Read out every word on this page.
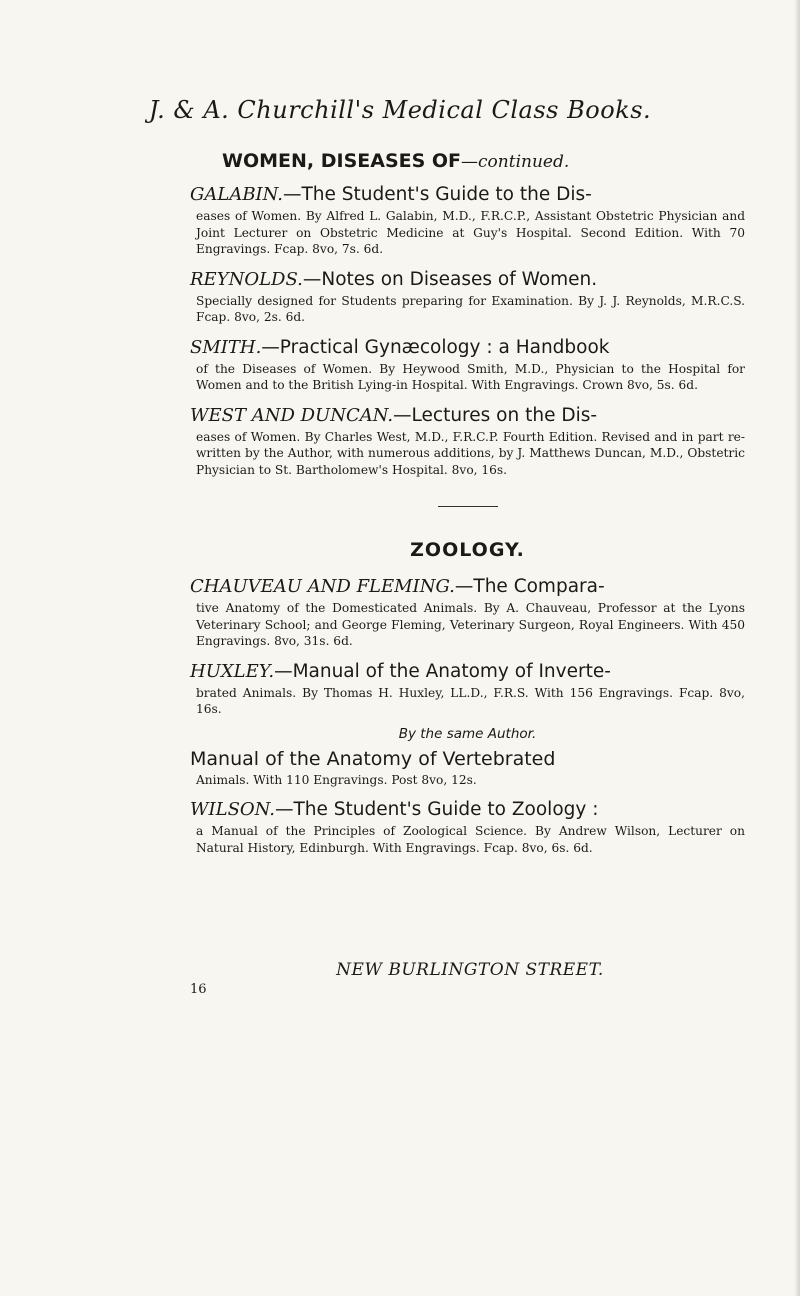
J. & A. Churchill's Medical Class Books.
WOMEN, DISEASES OF—continued.
GALABIN.—The Student's Guide to the Dis-
eases of Women. By Alfred L. Galabin, M.D., F.R.C.P., Assistant Obstetric Physician and Joint Lecturer on Obstetric Medicine at Guy's Hospital. Second Edition. With 70 Engravings. Fcap. 8vo, 7s. 6d.
REYNOLDS.—Notes on Diseases of Women.
Specially designed for Students preparing for Examination. By J. J. Reynolds, M.R.C.S. Fcap. 8vo, 2s. 6d.
SMITH.—Practical Gynæcology : a Handbook
of the Diseases of Women. By Heywood Smith, M.D., Physician to the Hospital for Women and to the British Lying-in Hospital. With Engravings. Crown 8vo, 5s. 6d.
WEST AND DUNCAN.—Lectures on the Dis-
eases of Women. By Charles West, M.D., F.R.C.P. Fourth Edition. Revised and in part re-written by the Author, with numerous additions, by J. Matthews Duncan, M.D., Obstetric Physician to St. Bartholomew's Hospital. 8vo, 16s.
ZOOLOGY.
CHAUVEAU AND FLEMING.—The Compara-
tive Anatomy of the Domesticated Animals. By A. Chauveau, Professor at the Lyons Veterinary School; and George Fleming, Veterinary Surgeon, Royal Engineers. With 450 Engravings. 8vo, 31s. 6d.
HUXLEY.—Manual of the Anatomy of Inverte-
brated Animals. By Thomas H. Huxley, LL.D., F.R.S. With 156 Engravings. Fcap. 8vo, 16s.
By the same Author.
Manual of the Anatomy of Vertebrated
Animals. With 110 Engravings. Post 8vo, 12s.
WILSON.—The Student's Guide to Zoology :
a Manual of the Principles of Zoological Science. By Andrew Wilson, Lecturer on Natural History, Edinburgh. With Engravings. Fcap. 8vo, 6s. 6d.
NEW BURLINGTON STREET.
16
